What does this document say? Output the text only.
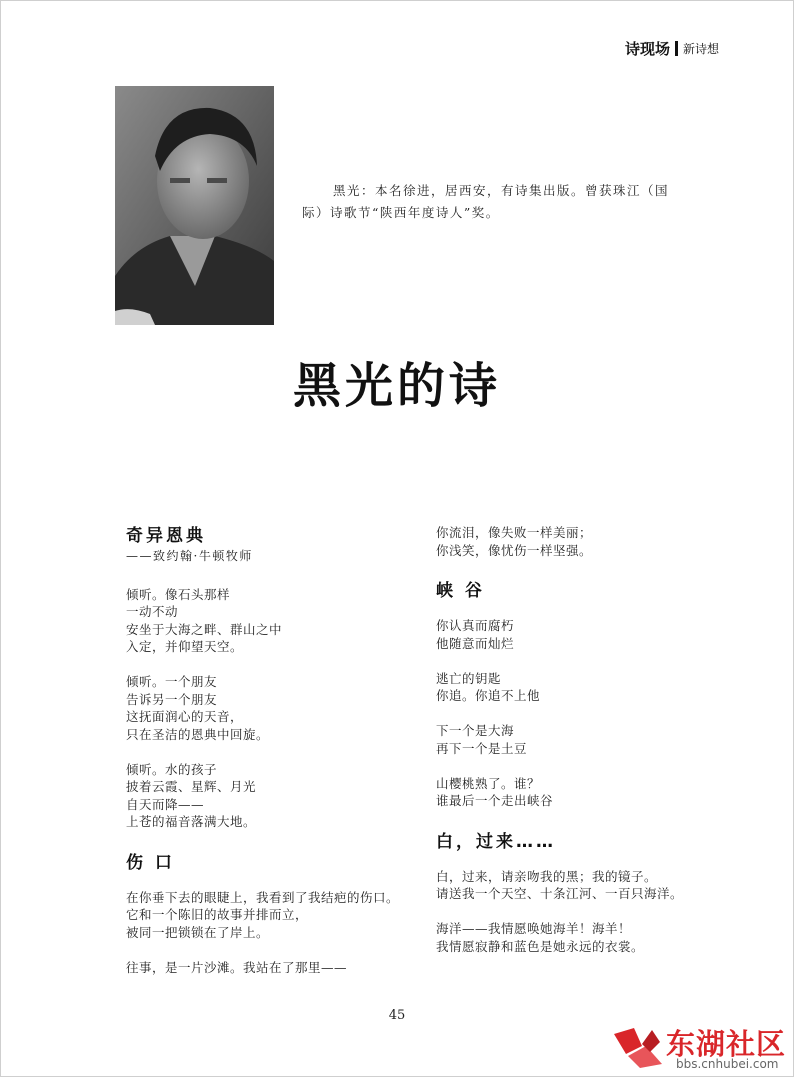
诗现场 新诗想
黑光：本名徐进，居西安，有诗集出版。曾获珠江（国际）诗歌节“陕西年度诗人”奖。
黑光的诗
奇异恩典
——致约翰·牛顿牧师
倾听。像石头那样
一动不动
安坐于大海之畔、群山之中
入定，并仰望天空。
倾听。一个朋友
告诉另一个朋友
这抚面润心的天音，
只在圣洁的恩典中回旋。
倾听。水的孩子
披着云霞、星辉、月光
自天而降——
上苍的福音落满大地。
伤 口
在你垂下去的眼睫上，我看到了我结疤的伤口。
它和一个陈旧的故事并排而立，
被同一把锁锁在了岸上。
往事，是一片沙滩。我站在了那里——
你流泪，像失败一样美丽；
你浅笑，像忧伤一样坚强。
峡 谷
你认真而腐朽
他随意而灿烂
逃亡的钥匙
你追。你追不上他
下一个是大海
再下一个是土豆
山樱桃熟了。谁？
谁最后一个走出峡谷
白，过来……
白，过来，请亲吻我的黑；我的镜子。
请送我一个天空、十条江河、一百只海洋。
海洋——我情愿唤她海羊！海羊！
我情愿寂静和蓝色是她永远的衣裳。
45
东湖社区
bbs.cnhubei.com
